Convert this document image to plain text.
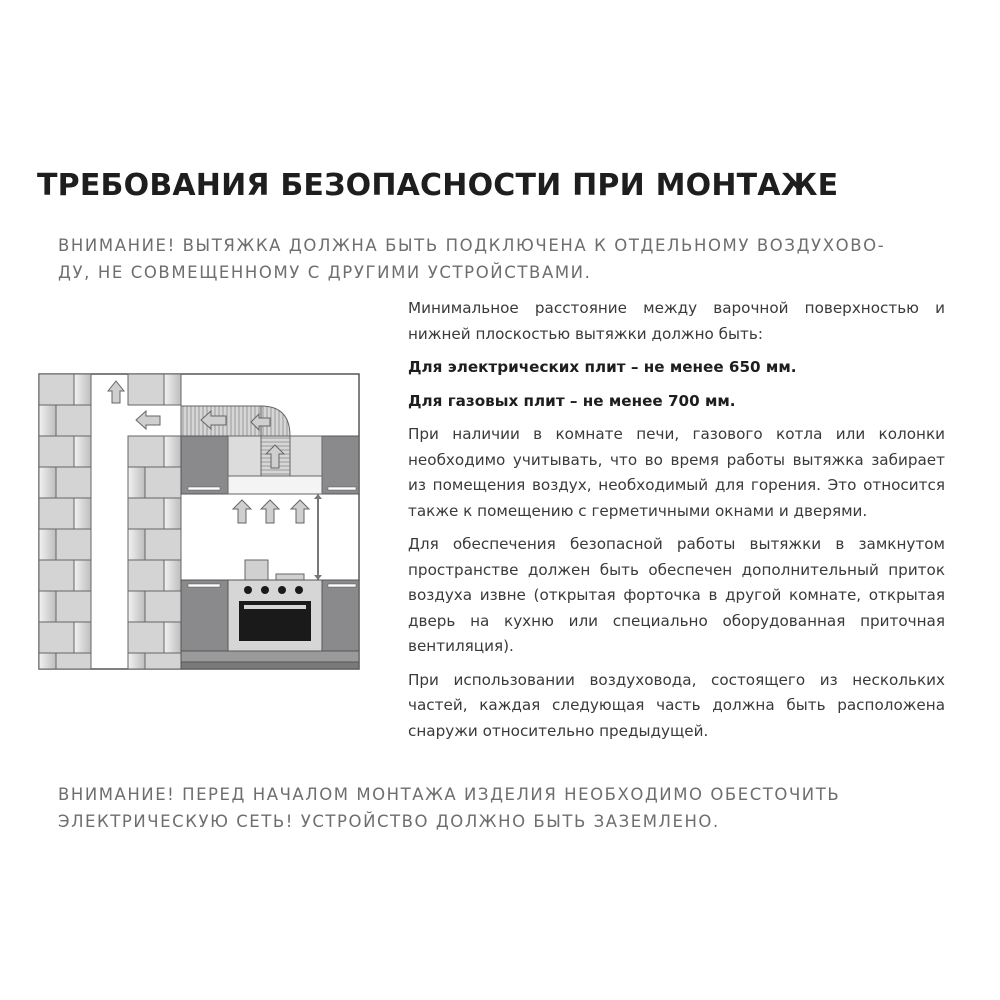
ТРЕБОВАНИЯ БЕЗОПАСНОСТИ ПРИ МОНТАЖЕ
ВНИМАНИЕ! ВЫТЯЖКА ДОЛЖНА БЫТЬ ПОДКЛЮЧЕНА К ОТДЕЛЬНОМУ ВОЗДУХОВО-
ДУ, НЕ СОВМЕЩЕННОМУ С ДРУГИМИ УСТРОЙСТВАМИ.

Минимальное расстояние между варочной поверхностью и нижней плоскостью вытяжки должно быть:

Для электрических плит – не менее 650 мм.

Для газовых плит – не менее 700 мм.

При наличии в комнате печи, газового котла или колонки необходимо учитывать, что во время работы вытяжка забирает из помещения воздух, необходимый для горения. Это относится также к помещению с герметичными окнами и дверями.

Для обеспечения безопасной работы вытяжки в замкнутом пространстве должен быть обеспечен дополнительный приток воздуха извне (открытая форточка в другой комнате, открытая дверь на кухню или специально оборудованная приточная вентиляция).

При использовании воздуховода, состоящего из нескольких частей, каждая следующая часть должна быть расположена снаружи относительно предыдущей.

ВНИМАНИЕ! ПЕРЕД НАЧАЛОМ МОНТАЖА ИЗДЕЛИЯ НЕОБХОДИМО ОБЕСТОЧИТЬ
ЭЛЕКТРИЧЕСКУЮ СЕТЬ! УСТРОЙСТВО ДОЛЖНО БЫТЬ ЗАЗЕМЛЕНО.
